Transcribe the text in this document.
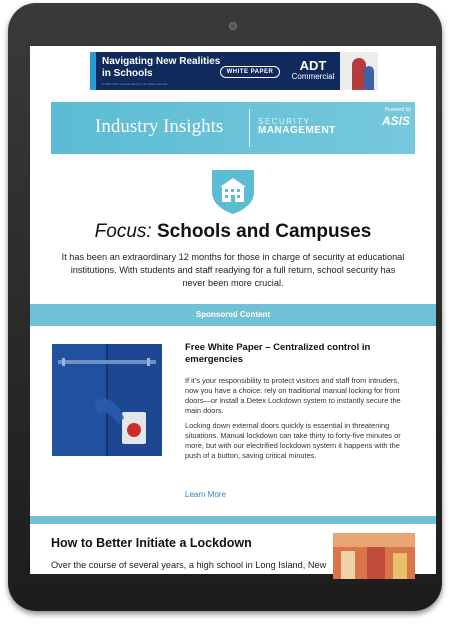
Navigating New Realities in Schools
© 2021 ADT Commercial LLC. All rights reserved.
WHITE PAPER	ADT
Commercial
Industry Insights	SECURITY
MANAGEMENT
Powered by
ASIS
Focus: Schools and Campuses
It has been an extraordinary 12 months for those in charge of security at educational institutions. With students and staff readying for a full return, school security has never been more crucial.
Sponsored Content
Free White Paper – Centralized control in emergencies
If it’s your responsibility to protect visitors and staff from intruders, now you have a choice: rely on traditional manual locking for front doors—or install a Detex Lockdown system to instantly secure the main doors.
Locking down external doors quickly is essential in threatening situations. Manual lockdown can take thirty to forty-five minutes or more, but with our electrified lockdown system it happens with the push of a button, saving critical minutes.
Learn More
How to Better Initiate a Lockdown
Over the course of several years, a high school in Long Island, New York, ran lockdown drills…
